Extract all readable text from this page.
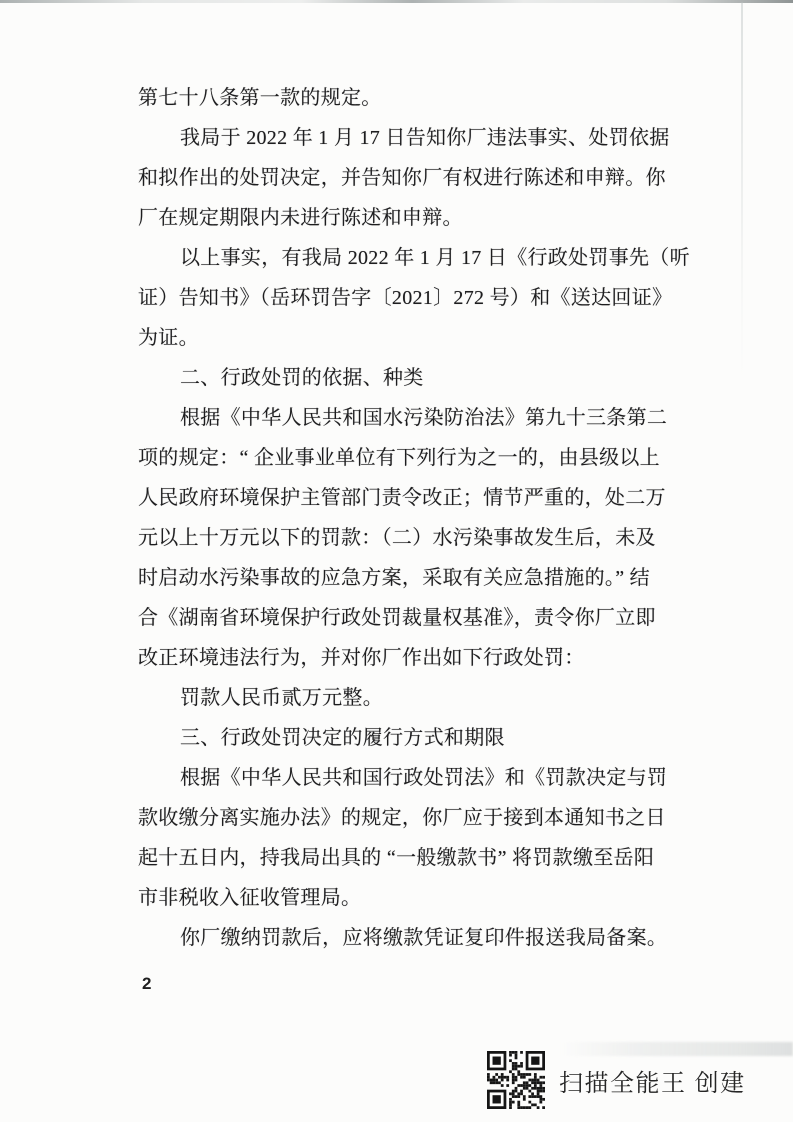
第七十八条第一款的规定。
我局于 2022 年 1 月 17 日告知你厂违法事实、处罚依据
和拟作出的处罚决定，并告知你厂有权进行陈述和申辩。你
厂在规定期限内未进行陈述和申辩。
以上事实，有我局 2022 年 1 月 17 日《行政处罚事先（听
证）告知书》（岳环罚告字〔2021〕272 号）和《送达回证》
为证。
二、行政处罚的依据、种类
根据《中华人民共和国水污染防治法》第九十三条第二
项的规定：“ 企业事业单位有下列行为之一的，由县级以上
人民政府环境保护主管部门责令改正；情节严重的，处二万
元以上十万元以下的罚款：（二）水污染事故发生后，未及
时启动水污染事故的应急方案，采取有关应急措施的。” 结
合《湖南省环境保护行政处罚裁量权基准》，责令你厂立即
改正环境违法行为，并对你厂作出如下行政处罚：
罚款人民币贰万元整。
三、行政处罚决定的履行方式和期限
根据《中华人民共和国行政处罚法》和《罚款决定与罚
款收缴分离实施办法》的规定，你厂应于接到本通知书之日
起十五日内，持我局出具的 “一般缴款书” 将罚款缴至岳阳
市非税收入征收管理局。
你厂缴纳罚款后，应将缴款凭证复印件报送我局备案。
2
扫描全能王 创建
